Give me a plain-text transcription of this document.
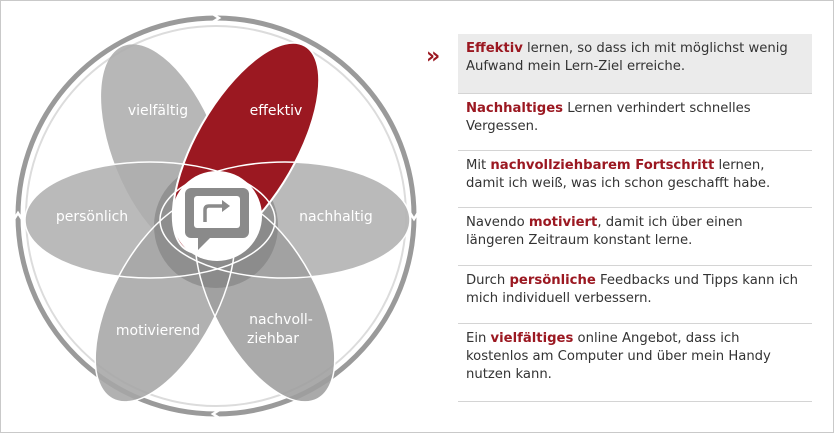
vielfältig	effektiv
persönlich	nachhaltig
motivierend
nachvoll-
ziehbar
»	Effektiv lernen, so dass ich mit möglichst wenig Aufwand mein Lern-Ziel erreiche.
Nachhaltiges Lernen verhindert schnelles Vergessen.
Mit nachvollziehbarem Fortschritt lernen, damit ich weiß, was ich schon geschafft habe.
Navendo motiviert, damit ich über einen längeren Zeitraum konstant lerne.
Durch persönliche Feedbacks und Tipps kann ich mich individuell verbessern.
Ein vielfältiges online Angebot, dass ich kostenlos am Computer und über mein Handy nutzen kann.
